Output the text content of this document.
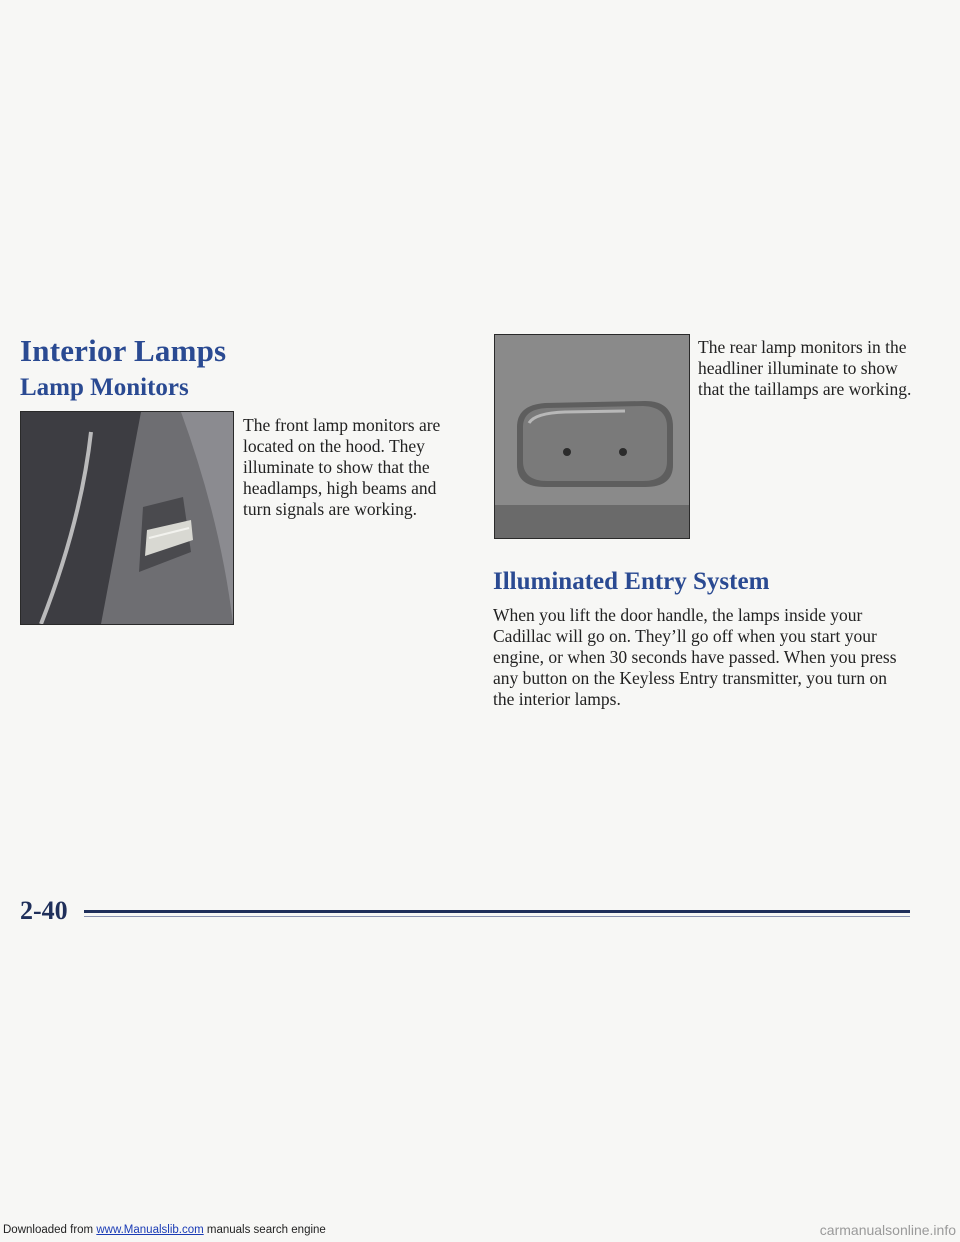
Interior Lamps
Lamp Monitors

The front lamp monitors are located on the hood. They illuminate to show that the headlamps, high beams and turn signals are working.

The rear lamp monitors in the headliner illuminate to show that the taillamps are working.

Illuminated Entry System

When you lift the door handle, the lamps inside your Cadillac will go on. They’ll go off when you start your engine, or when 30 seconds have passed. When you press any button on the Keyless Entry transmitter, you turn on the interior lamps.

2-40
Downloaded from www.Manualslib.com manuals search engine	carmanualsonline.info
